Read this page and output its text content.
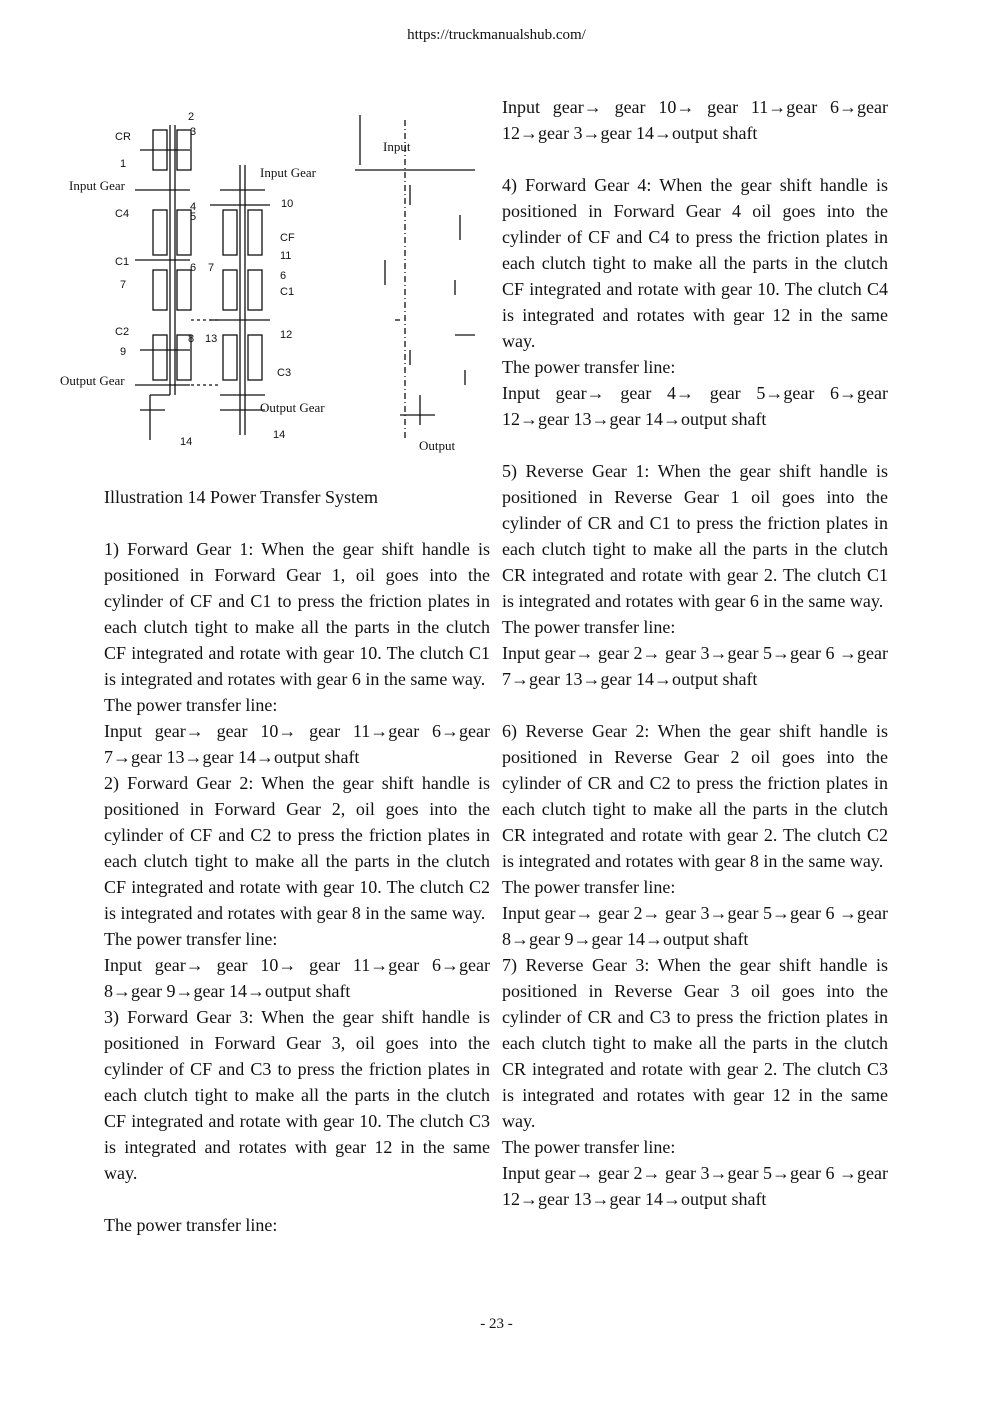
https://truckmanualshub.com/
Input Gear
Output Gear
CR
2
3
1
C4
4
5
C1	6
7
C2
8
9
14
Input Gear
Output Gear
10
CF
11
6
C1
7
13	12
C3
14
Input
Output
Illustration 14 Power Transfer System

1) Forward Gear 1: When the gear shift handle is positioned in Forward Gear 1, oil goes into the cylinder of CF and C1 to press the friction plates in each clutch tight to make all the parts in the clutch CF integrated and rotate with gear 10. The clutch C1 is integrated and rotates with gear 6 in the same way.

The power transfer line:

Input gear→ gear 10→ gear 11→gear 6→gear 7→gear 13→gear 14→output shaft

2) Forward Gear 2: When the gear shift handle is positioned in Forward Gear 2, oil goes into the cylinder of CF and C2 to press the friction plates in each clutch tight to make all the parts in the clutch CF integrated and rotate with gear 10. The clutch C2 is integrated and rotates with gear 8 in the same way.

The power transfer line:

Input gear→ gear 10→ gear 11→gear 6→gear 8→gear 9→gear 14→output shaft

3) Forward Gear 3: When the gear shift handle is positioned in Forward Gear 3, oil goes into the cylinder of CF and C3 to press the friction plates in each clutch tight to make all the parts in the clutch CF integrated and rotate with gear 10. The clutch C3 is integrated and rotates with gear 12 in the same way.

The power transfer line:

Input gear→ gear 10→ gear 11→gear 6→gear 12→gear 3→gear 14→output shaft

4) Forward Gear 4: When the gear shift handle is positioned in Forward Gear 4 oil goes into the cylinder of CF and C4 to press the friction plates in each clutch tight to make all the parts in the clutch CF integrated and rotate with gear 10. The clutch C4 is integrated and rotates with gear 12 in the same way.

The power transfer line:

Input gear→ gear 4→ gear 5→gear 6→gear 12→gear 13→gear 14→output shaft

5) Reverse Gear 1: When the gear shift handle is positioned in Reverse Gear 1 oil goes into the cylinder of CR and C1 to press the friction plates in each clutch tight to make all the parts in the clutch CR integrated and rotate with gear 2. The clutch C1 is integrated and rotates with gear 6 in the same way.

The power transfer line:

Input gear→ gear 2→ gear 3→gear 5→gear 6 →gear 7→gear 13→gear 14→output shaft

6) Reverse Gear 2: When the gear shift handle is positioned in Reverse Gear 2 oil goes into the cylinder of CR and C2 to press the friction plates in each clutch tight to make all the parts in the clutch CR integrated and rotate with gear 2. The clutch C2 is integrated and rotates with gear 8 in the same way.

The power transfer line:

Input gear→ gear 2→ gear 3→gear 5→gear 6 →gear 8→gear 9→gear 14→output shaft

7) Reverse Gear 3: When the gear shift handle is positioned in Reverse Gear 3 oil goes into the cylinder of CR and C3 to press the friction plates in each clutch tight to make all the parts in the clutch CR integrated and rotate with gear 2. The clutch C3 is integrated and rotates with gear 12 in the same way.

The power transfer line:

Input gear→ gear 2→ gear 3→gear 5→gear 6 →gear 12→gear 13→gear 14→output shaft

- 23 -
